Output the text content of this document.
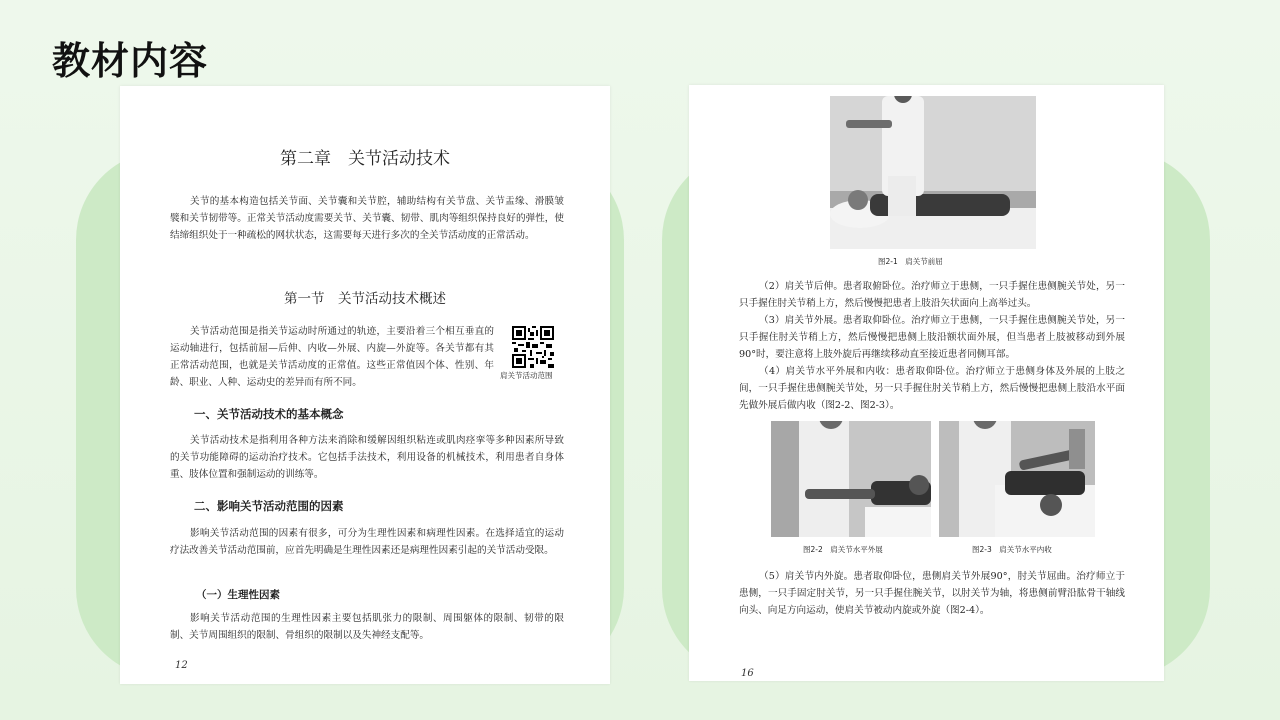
教材内容
第二章　关节活动技术

关节的基本构造包括关节面、关节囊和关节腔，辅助结构有关节盘、关节盂缘、滑膜皱襞和关节韧带等。正常关节活动度需要关节、关节囊、韧带、肌肉等组织保持良好的弹性，使结缔组织处于一种疏松的网状状态，这需要每天进行多次的全关节活动度的正常活动。

第一节　关节活动技术概述

关节活动范围是指关节运动时所通过的轨迹，主要沿着三个相互垂直的运动轴进行，包括前屈—后伸、内收—外展、内旋—外旋等。各关节都有其正常活动范围，也就是关节活动度的正常值。这些正常值因个体、性别、年龄、职业、人种、运动史的差异而有所不同。

肩关节活动范围
一、关节活动技术的基本概念

关节活动技术是指利用各种方法来消除和缓解因组织粘连或肌肉痉挛等多种因素所导致的关节功能障碍的运动治疗技术。它包括手法技术，利用设备的机械技术，利用患者自身体重、肢体位置和强制运动的训练等。

二、影响关节活动范围的因素

影响关节活动范围的因素有很多，可分为生理性因素和病理性因素。在选择适宜的运动疗法改善关节活动范围前，应首先明确是生理性因素还是病理性因素引起的关节活动受限。

（一）生理性因素

影响关节活动范围的生理性因素主要包括肌张力的限制、周围躯体的限制、韧带的限制、关节周围组织的限制、骨组织的限制以及失神经支配等。

12
图2-1　肩关节前屈

（2）肩关节后伸。患者取俯卧位。治疗师立于患侧，一只手握住患侧腕关节处，另一只手握住肘关节稍上方，然后慢慢把患者上肢沿矢状面向上高举过头。

（3）肩关节外展。患者取仰卧位。治疗师立于患侧，一只手握住患侧腕关节处，另一只手握住肘关节稍上方，然后慢慢把患侧上肢沿额状面外展，但当患者上肢被移动到外展90°时，要注意将上肢外旋后再继续移动直至接近患者同侧耳部。

（4）肩关节水平外展和内收：患者取仰卧位。治疗师立于患侧身体及外展的上肢之间，一只手握住患侧腕关节处，另一只手握住肘关节稍上方，然后慢慢把患侧上肢沿水平面先做外展后做内收（图2-2、图2-3）。

图2-2　肩关节水平外展	图2-3　肩关节水平内收

（5）肩关节内外旋。患者取仰卧位，患侧肩关节外展90°，肘关节屈曲。治疗师立于患侧，一只手固定肘关节，另一只手握住腕关节，以肘关节为轴，将患侧前臂沿肱骨干轴线向头、向足方向运动，使肩关节被动内旋或外旋（图2-4）。

16
